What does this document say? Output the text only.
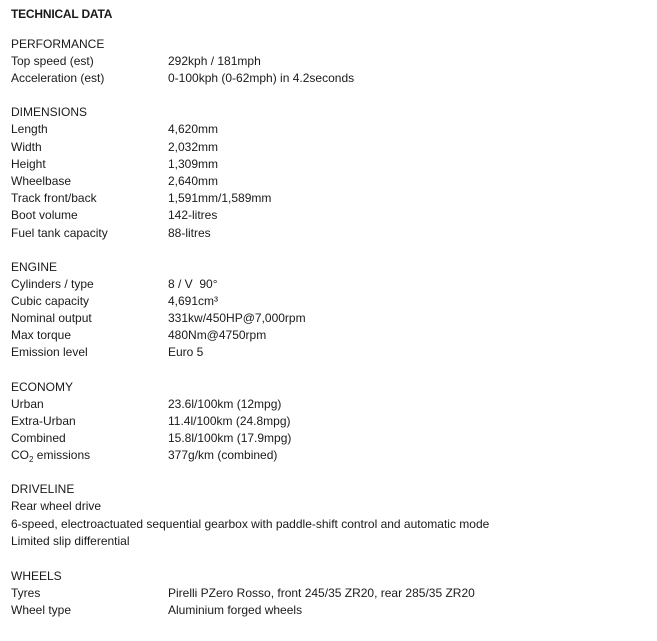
TECHNICAL DATA
PERFORMANCE
Top speed (est)	292kph / 181mph
Acceleration (est)	0-100kph (0-62mph) in 4.2seconds
DIMENSIONS
Length	4,620mm
Width	2,032mm
Height	1,309mm
Wheelbase	2,640mm
Track front/back	1,591mm/1,589mm
Boot volume	142-litres
Fuel tank capacity	88-litres
ENGINE
Cylinders / type	8 / V  90°
Cubic capacity	4,691cm³
Nominal output	331kw/450HP@7,000rpm
Max torque	480Nm@4750rpm
Emission level	Euro 5
ECONOMY
Urban	23.6l/100km (12mpg)
Extra-Urban	11.4l/100km (24.8mpg)
Combined	15.8l/100km (17.9mpg)
$CO_2$ emissions	377g/km (combined)
DRIVELINE
Rear wheel drive
6-speed, electroactuated sequential gearbox with paddle-shift control and automatic mode
Limited slip differential
WHEELS
Tyres	Pirelli PZero Rosso, front 245/35 ZR20, rear 285/35 ZR20
Wheel type	Aluminium forged wheels
